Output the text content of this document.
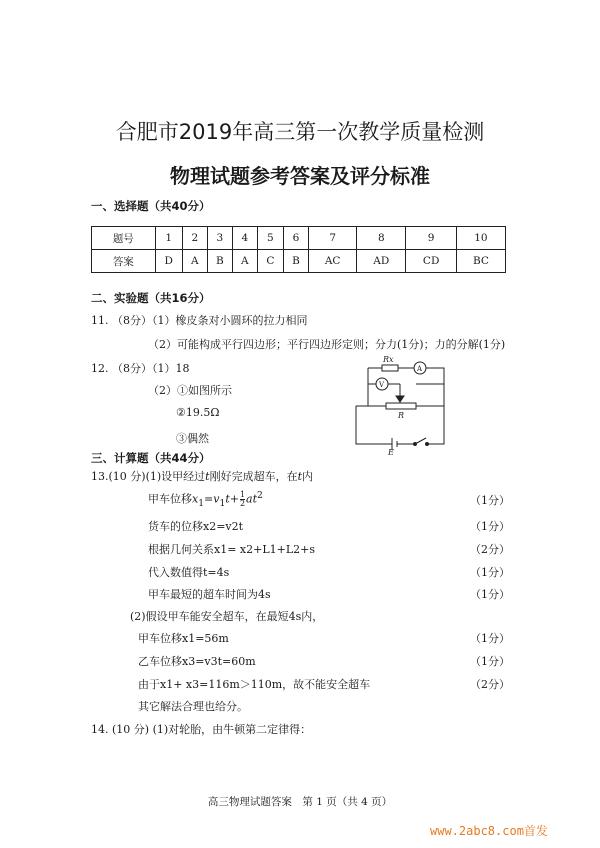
合肥市2019年高三第一次教学质量检测
物理试题参考答案及评分标准
一、选择题（共40分）
题号	1	2	3	4	5	6	7	8	9	10
答案	D	A	B	A	C	B	AC	AD	CD	BC
二、实验题（共16分）
11. （8分）（1）橡皮条对小圆环的拉力相同
（2）可能构成平行四边形；平行四边形定则；分力(1分)；力的分解(1分)
12. （8分）（1）18
（2）①如图所示
②19.5Ω
③偶然
Rx
A
V
R
E
三、计算题（共44分）
13.(10 分)(1)设甲经过t刚好完成超车，在t内
甲车位移$x_1=v_1t+ \frac{1}{2} at^2$	（1分）
货车的位移x2=v2t	（1分）
根据几何关系x1= x2+L1+L2+s	（2分）
代入数值得t=4s	（1分）
甲车最短的超车时间为4s	（1分）
(2)假设甲车能安全超车，在最短4s内，
甲车位移x1=56m	（1分）
乙车位移x3=v3t=60m	（1分）
由于x1+ x3=116m＞110m，故不能安全超车	（2分）
其它解法合理也给分。
14. (10 分) (1)对轮胎，由牛顿第二定律得：
高三物理试题答案　第 1 页（共 4 页）
www.2abc8.com首发
